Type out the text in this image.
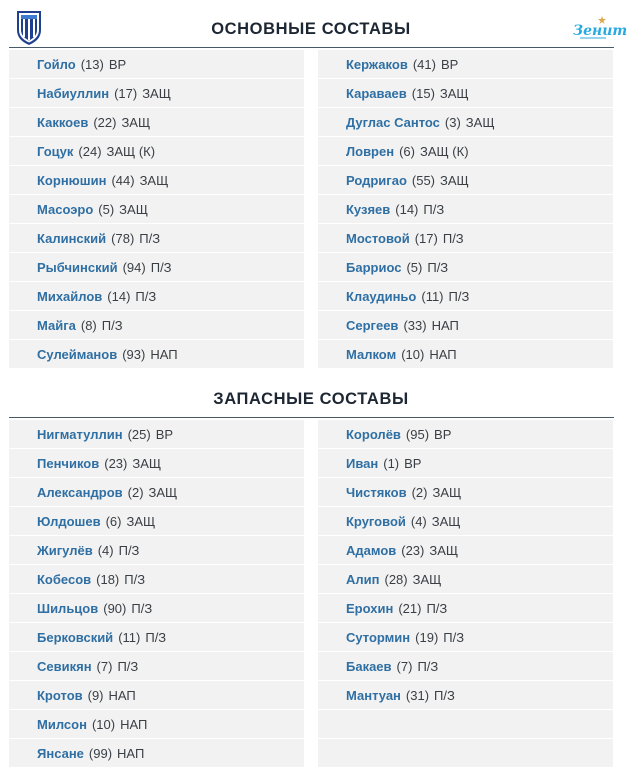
ОСНОВНЫЕ СОСТАВЫ	Зенит
Гойло (13) ВР
Набиуллин (17) ЗАЩ
Каккоев (22) ЗАЩ
Гоцук (24) ЗАЩ (К)
Корнюшин (44) ЗАЩ
Масоэро (5) ЗАЩ
Калинский (78) П/З
Рыбчинский (94) П/З
Михайлов (14) П/З
Майга (8) П/З
Сулейманов (93) НАП
Кержаков (41) ВР
Караваев (15) ЗАЩ
Дуглас Сантос (3) ЗАЩ
Ловрен (6) ЗАЩ (К)
Родригао (55) ЗАЩ
Кузяев (14) П/З
Мостовой (17) П/З
Барриос (5) П/З
Клаудиньо (11) П/З
Сергеев (33) НАП
Малком (10) НАП
ЗАПАСНЫЕ СОСТАВЫ
Нигматуллин (25) ВР
Пенчиков (23) ЗАЩ
Александров (2) ЗАЩ
Юлдошев (6) ЗАЩ
Жигулёв (4) П/З
Кобесов (18) П/З
Шильцов (90) П/З
Берковский (11) П/З
Севикян (7) П/З
Кротов (9) НАП
Милсон (10) НАП
Янсане (99) НАП
Королёв (95) ВР
Иван (1) ВР
Чистяков (2) ЗАЩ
Круговой (4) ЗАЩ
Адамов (23) ЗАЩ
Алип (28) ЗАЩ
Ерохин (21) П/З
Сутормин (19) П/З
Бакаев (7) П/З
Мантуан (31) П/З
